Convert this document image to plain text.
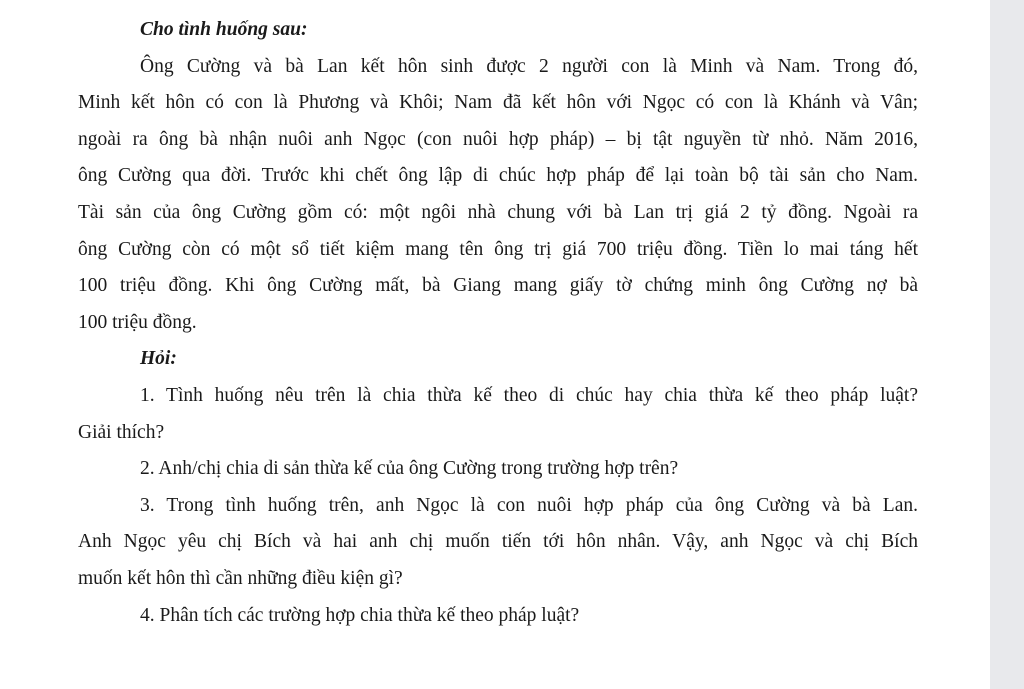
Cho tình huống sau:
Ông Cường và bà Lan kết hôn sinh được 2 người con là Minh và Nam. Trong đó,
Minh kết hôn có con là Phương và Khôi; Nam đã kết hôn với Ngọc có con là Khánh và Vân;
ngoài ra ông bà nhận nuôi anh Ngọc (con nuôi hợp pháp) – bị tật nguyền từ nhỏ. Năm 2016,
ông Cường qua đời. Trước khi chết ông lập di chúc hợp pháp để lại toàn bộ tài sản cho Nam.
Tài sản của ông Cường gồm có: một ngôi nhà chung với bà Lan trị giá 2 tỷ đồng. Ngoài ra
ông Cường còn có một sổ tiết kiệm mang tên ông trị giá 700 triệu đồng. Tiền lo mai táng hết
100 triệu đồng. Khi ông Cường mất, bà Giang mang giấy tờ chứng minh ông Cường nợ bà
100 triệu đồng.
Hỏi:
1. Tình huống nêu trên là chia thừa kế theo di chúc hay chia thừa kế theo pháp luật?
Giải thích?
2. Anh/chị chia di sản thừa kế của ông Cường trong trường hợp trên?
3. Trong tình huống trên, anh Ngọc là con nuôi hợp pháp của ông Cường và bà Lan.
Anh Ngọc yêu chị Bích và hai anh chị muốn tiến tới hôn nhân. Vậy, anh Ngọc và chị Bích
muốn kết hôn thì cần những điều kiện gì?
4. Phân tích các trường hợp chia thừa kế theo pháp luật?
